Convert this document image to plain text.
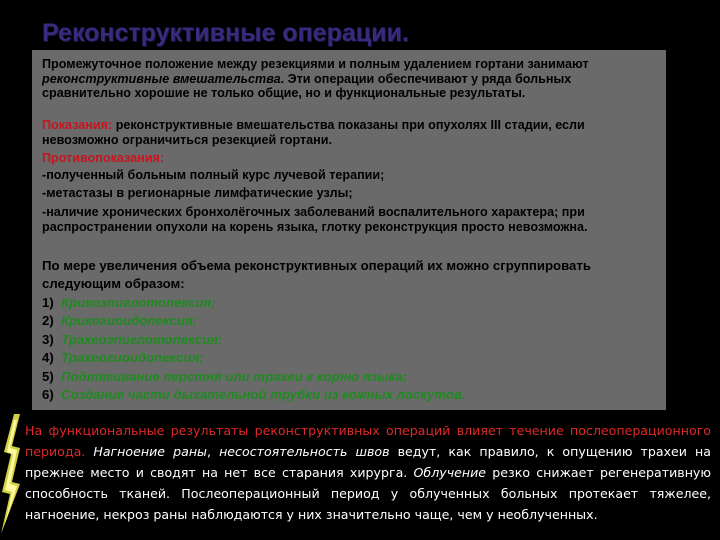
Реконструктивные операции.

Промежуточное положение между резекциями и полным удалением гортани занимают реконструктивные вмешательства. Эти операции обеспечивают у ряда больных сравнительно хорошие не только общие, но и функциональные результаты.

Показания: реконструктивные вмешательства показаны при опухолях III стадии, если невозможно ограничиться резекцией гортани.

Противопоказания:

-полученный больным полный курс лучевой терапии;

-метастазы в регионарные лимфатические узлы;

-наличие хронических бронхолёгочных заболеваний воспалительного характера; при распространении опухоли на корень языка, глотку реконструкция просто невозможна.

По мере увеличения объема реконструктивных операций их можно сгруппировать следующим образом:

1) Крикоэпиглотопексия;
2) Крикогиоидопексия;
3) Трахеоэпиглотопексия;
4) Трахеогиоидопексия;
5) Подтягивание перстня или трахеи к корню языка;
6) Создание части дыхательной трубки из кожных лоскутов.

На функциональные результаты реконструктивных операций влияет течение послеоперационного периода. Нагноение раны, несостоятельность швов ведут, как правило, к опущению трахеи на прежнее место и сводят на нет все старания хирурга. Облучение резко снижает регенеративную способность тканей. Послеоперационный период у облученных больных протекает тяжелее, нагноение, некроз раны наблюдаются у них значительно чаще, чем у необлученных.
